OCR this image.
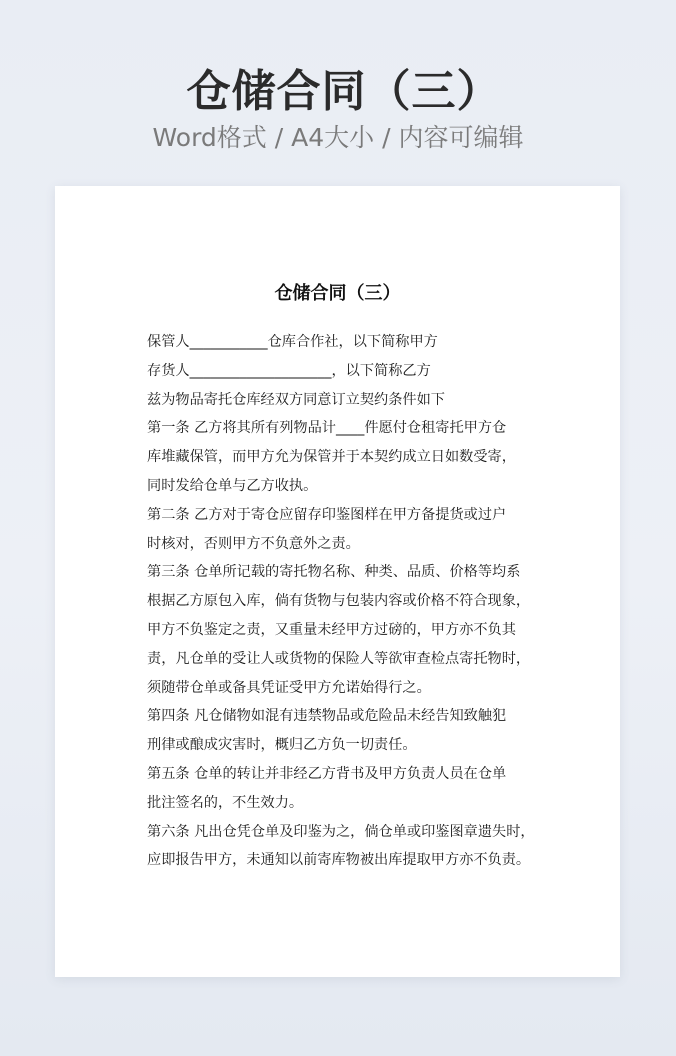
仓储合同（三）

Word格式 / A4大小 / 内容可编辑

仓储合同（三）
保管人___________仓库合作社，以下简称甲方
存货人____________________，以下简称乙方
兹为物品寄托仓库经双方同意订立契约条件如下
第一条 乙方将其所有列物品计____件愿付仓租寄托甲方仓
库堆藏保管，而甲方允为保管并于本契约成立日如数受寄，
同时发给仓单与乙方收执。
第二条 乙方对于寄仓应留存印鉴图样在甲方备提货或过户
时核对，否则甲方不负意外之责。
第三条 仓单所记载的寄托物名称、种类、品质、价格等均系
根据乙方原包入库，倘有货物与包装内容或价格不符合现象，
甲方不负鉴定之责，又重量未经甲方过磅的，甲方亦不负其
责，凡仓单的受让人或货物的保险人等欲审查检点寄托物时，
须随带仓单或备具凭证受甲方允诺始得行之。
第四条 凡仓储物如混有违禁物品或危险品未经告知致触犯
刑律或酿成灾害时，概归乙方负一切责任。
第五条 仓单的转让并非经乙方背书及甲方负责人员在仓单
批注签名的，不生效力。
第六条 凡出仓凭仓单及印鉴为之，倘仓单或印鉴图章遗失时，
应即报告甲方，未通知以前寄库物被出库提取甲方亦不负责。
